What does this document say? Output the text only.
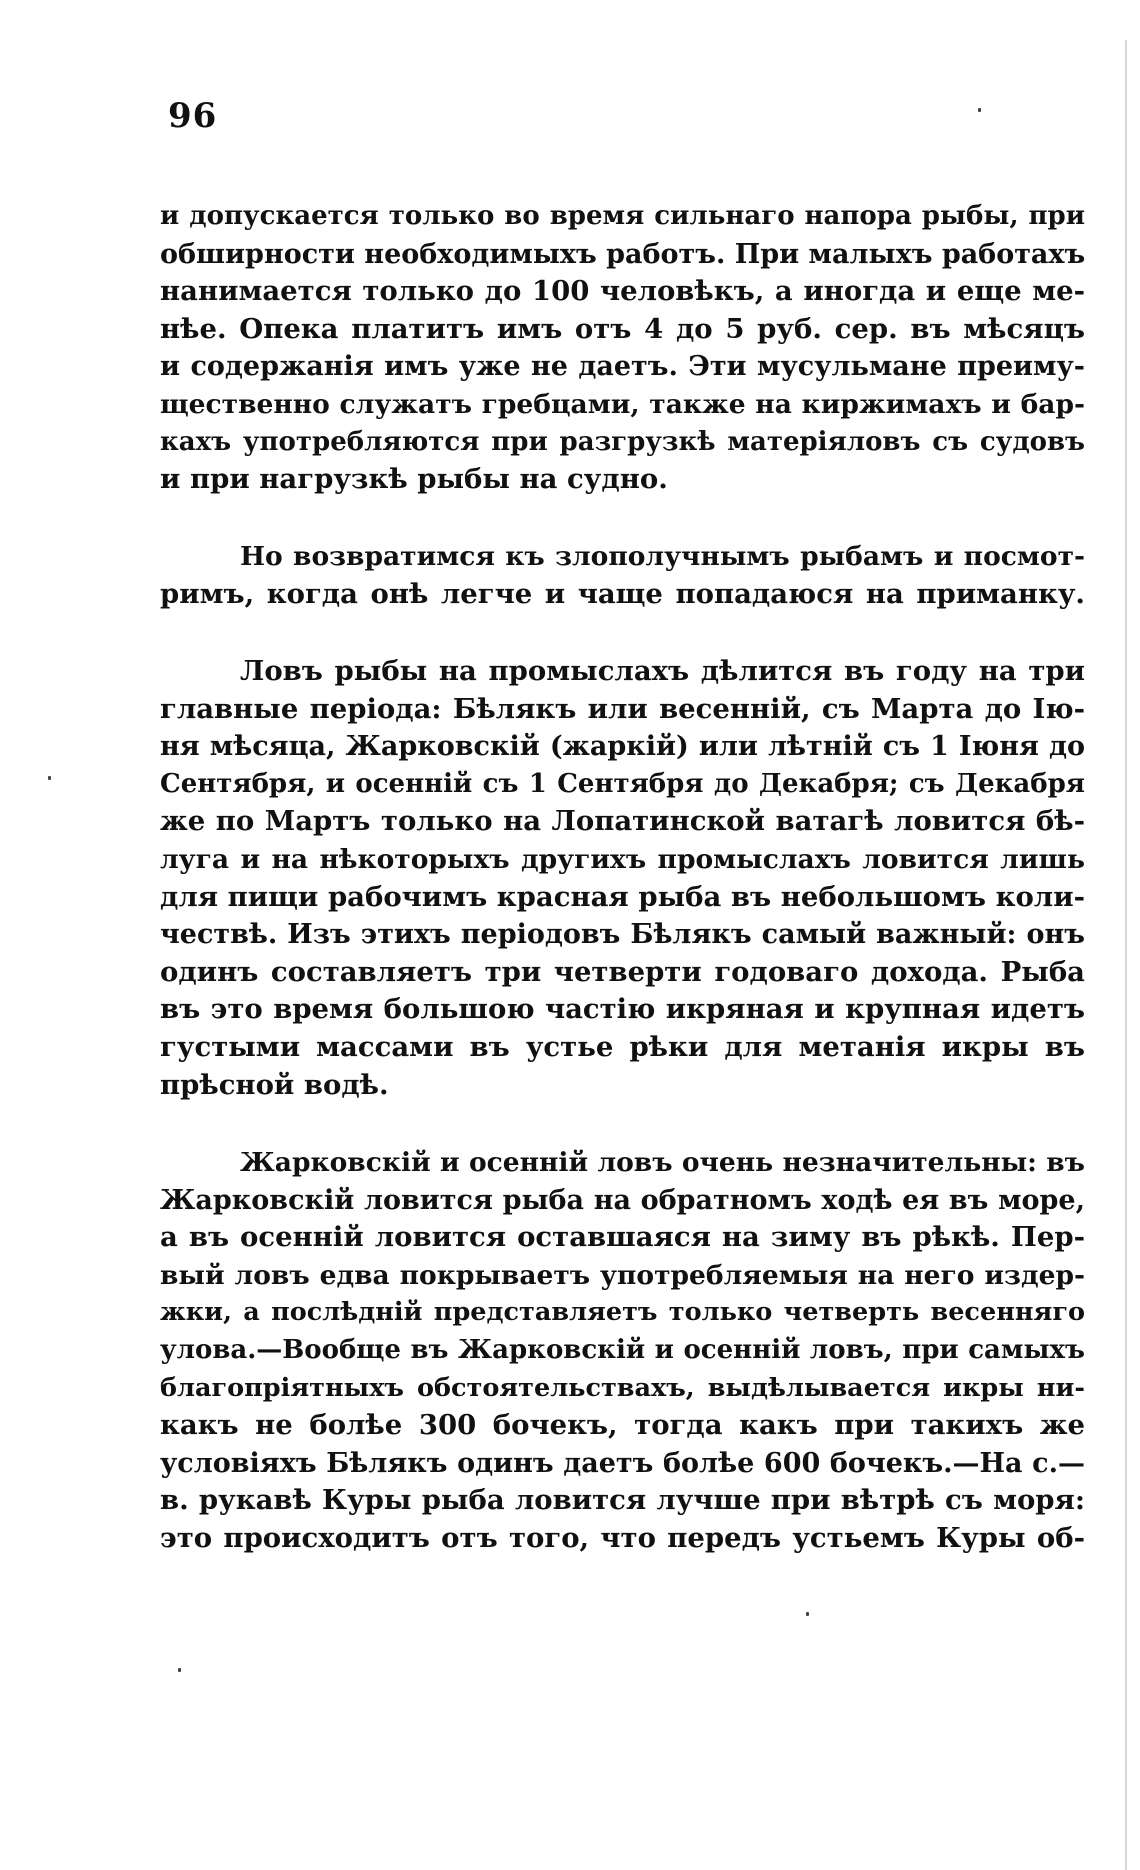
96
и допускается только во время сильнаго напора рыбы, при
обширности необходимыхъ работъ. При малыхъ работахъ
нанимается только до 100 человѣкъ, а иногда и еще ме-
нѣе. Опека платитъ имъ отъ 4 до 5 руб. сер. въ мѣсяцъ
и содержанія имъ уже не даетъ. Эти мусульмане преиму-
щественно служатъ гребцами, также на киржимахъ и бар-
кахъ употребляются при разгрузкѣ матеріяловъ съ судовъ
и при нагрузкѣ рыбы на судно.
Но возвратимся къ злополучнымъ рыбамъ и посмот-
римъ, когда онѣ легче и чаще попадаюся на приманку.
Ловъ рыбы на промыслахъ дѣлится въ году на три
главные періода: Бѣлякъ или весенній, съ Марта до Ію-
ня мѣсяца, Жарковскій (жаркій) или лѣтній съ 1 Іюня до
Сентября, и осенній съ 1 Сентября до Декабря; съ Декабря
же по Мартъ только на Лопатинской ватагѣ ловится бѣ-
луга и на нѣкоторыхъ другихъ промыслахъ ловится лишь
для пищи рабочимъ красная рыба въ небольшомъ коли-
чествѣ. Изъ этихъ періодовъ Бѣлякъ самый важный: онъ
одинъ составляетъ три четверти годоваго дохода. Рыба
въ это время большою частію икряная и крупная идетъ
густыми массами въ устье рѣки для метанія икры въ
прѣсной водѣ.
Жарковскій и осенній ловъ очень незначительны: въ
Жарковскій ловится рыба на обратномъ ходѣ ея въ море,
а въ осенній ловится оставшаяся на зиму въ рѣкѣ. Пер-
вый ловъ едва покрываетъ употребляемыя на него издер-
жки, а послѣдній представляетъ только четверть весенняго
улова.—Вообще въ Жарковскій и осенній ловъ, при самыхъ
благопріятныхъ обстоятельствахъ, выдѣлывается икры ни-
какъ не болѣе 300 бочекъ, тогда какъ при такихъ же
условіяхъ Бѣлякъ одинъ даетъ болѣе 600 бочекъ.—На с.—
в. рукавѣ Куры рыба ловится лучше при вѣтрѣ съ моря:
это происходитъ отъ того, что передъ устьемъ Куры об-
